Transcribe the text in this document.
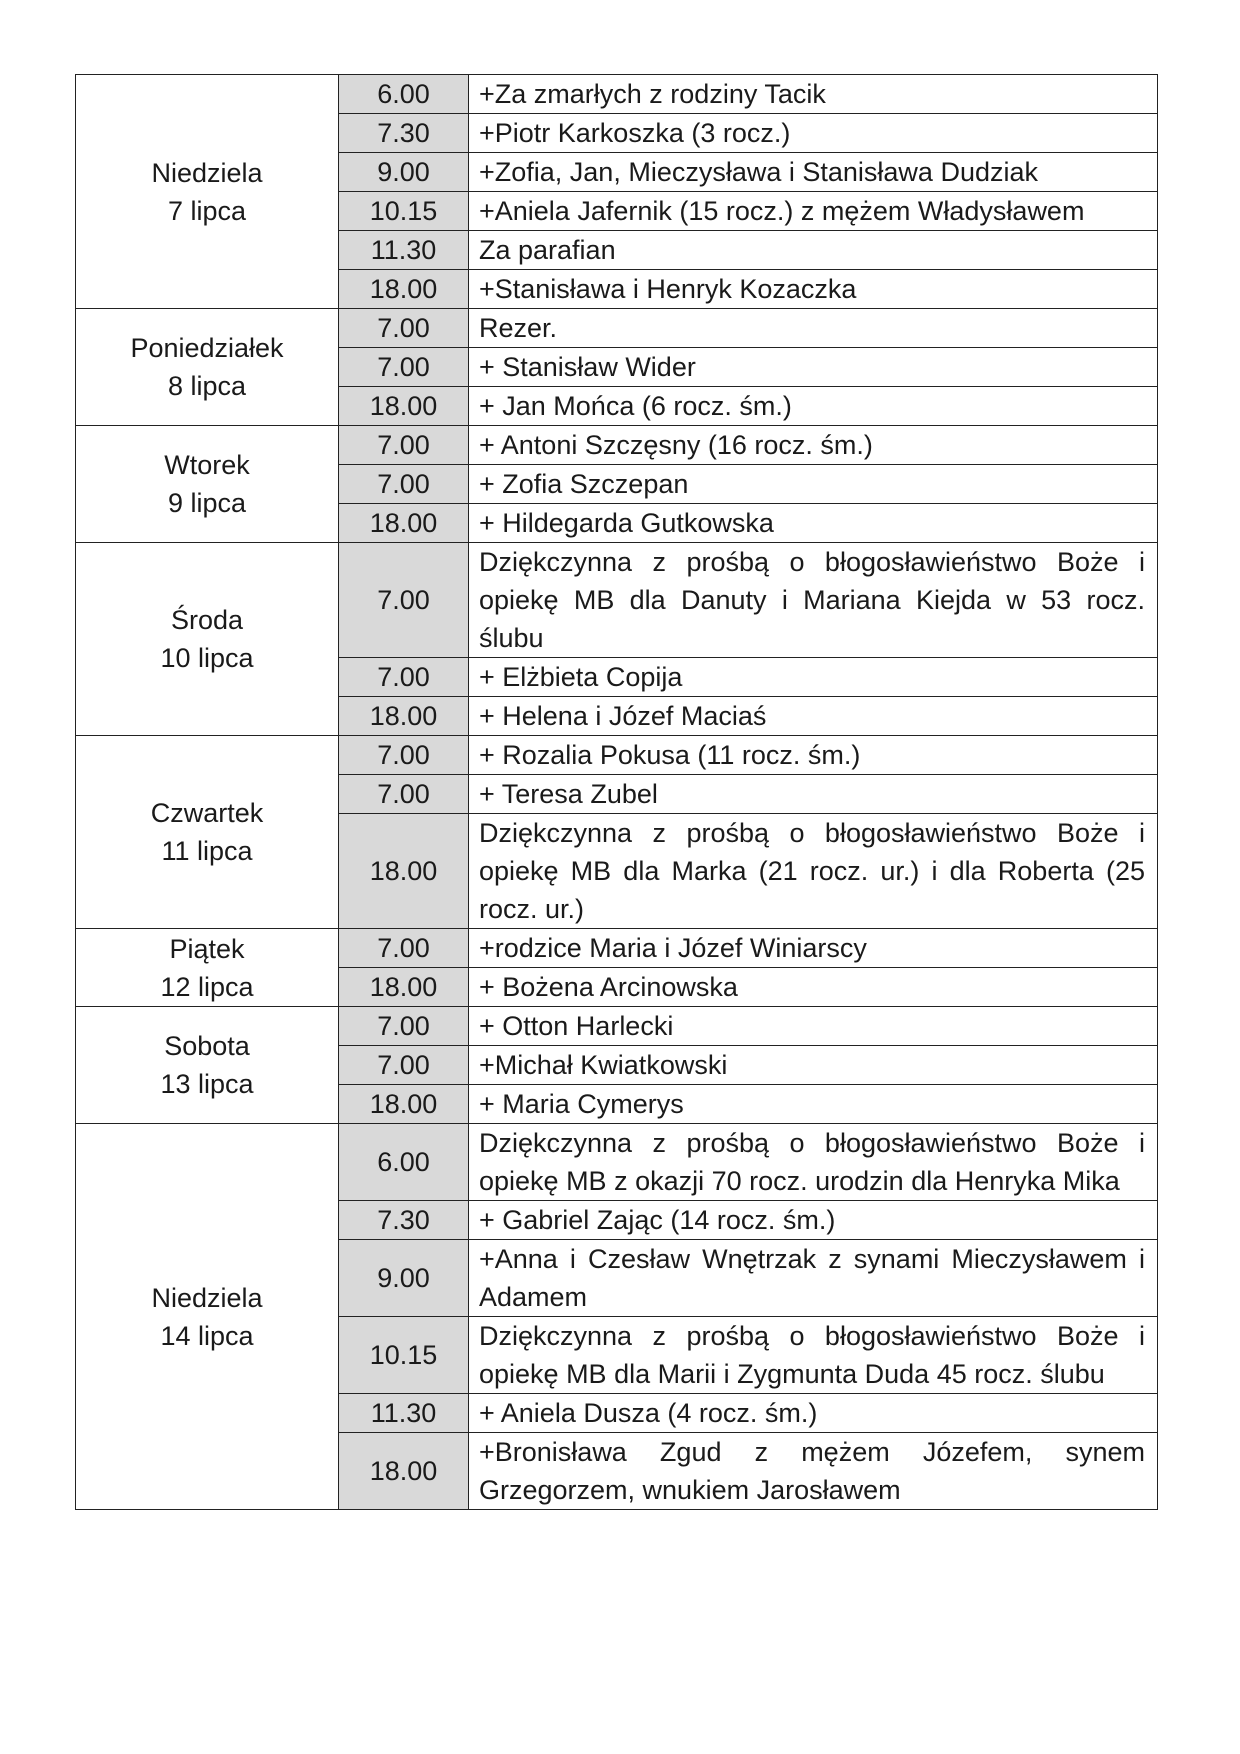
Niedziela
7 lipca	6.00	+Za zmarłych z rodziny Tacik
	7.30	+Piotr Karkoszka (3 rocz.)
	9.00	+Zofia, Jan, Mieczysława i Stanisława Dudziak
	10.15	+Aniela Jafernik (15 rocz.) z mężem Władysławem
	11.30	Za parafian
	18.00	+Stanisława i Henryk Kozaczka

Poniedziałek
8 lipca	7.00	Rezer.
	7.00	+ Stanisław Wider
	18.00	+ Jan Mońca (6 rocz. śm.)

Wtorek
9 lipca	7.00	+ Antoni Szczęsny (16 rocz. śm.)
	7.00	+ Zofia Szczepan
	18.00	+ Hildegarda Gutkowska

Środa
10 lipca	7.00	Dziękczynna z prośbą o błogosławieństwo Boże i opiekę MB dla Danuty i Mariana Kiejda w 53 rocz. ślubu
	7.00	+ Elżbieta Copija
	18.00	+ Helena i Józef Maciaś

Czwartek
11 lipca	7.00	+ Rozalia Pokusa (11 rocz. śm.)
	7.00	+ Teresa Zubel
	18.00	Dziękczynna z prośbą o błogosławieństwo Boże i opiekę MB dla Marka (21 rocz. ur.) i dla Roberta (25 rocz. ur.)

Piątek
12 lipca	7.00	+rodzice Maria i Józef Winiarscy
	18.00	+ Bożena Arcinowska

Sobota
13 lipca	7.00	+ Otton Harlecki
	7.00	+Michał Kwiatkowski
	18.00	+ Maria Cymerys

Niedziela
14 lipca	6.00	Dziękczynna z prośbą o błogosławieństwo Boże i opiekę MB z okazji 70 rocz. urodzin dla Henryka Mika
	7.30	+ Gabriel Zając (14 rocz. śm.)
	9.00	+Anna i Czesław Wnętrzak z synami Mieczysławem i Adamem
	10.15	Dziękczynna z prośbą o błogosławieństwo Boże i opiekę MB dla Marii i Zygmunta Duda 45 rocz. ślubu
	11.30	+ Aniela Dusza (4 rocz. śm.)
	18.00	+Bronisława Zgud z mężem Józefem, synem Grzegorzem, wnukiem Jarosławem
